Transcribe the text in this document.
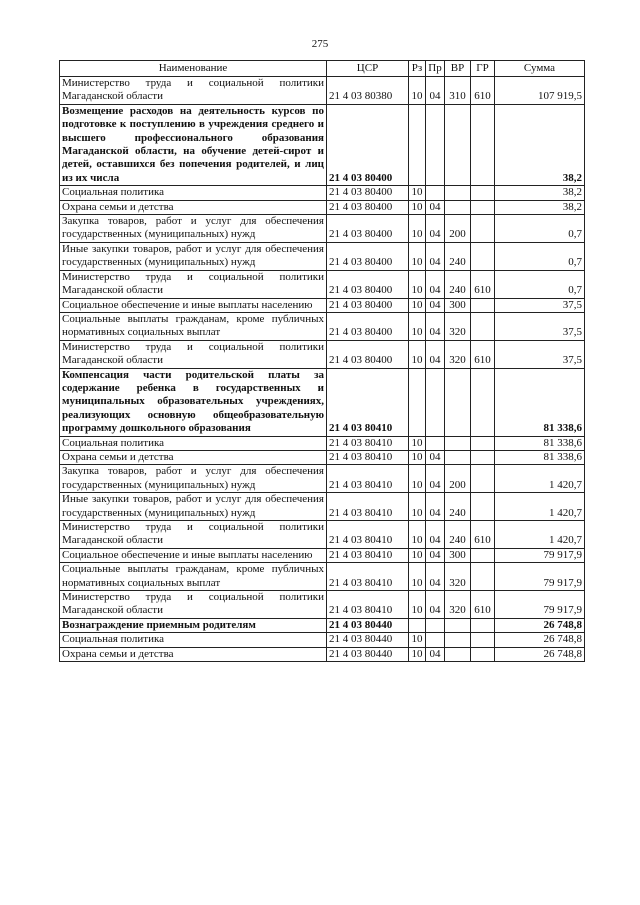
275
Наименование	ЦСР	Рз	Пр	ВР	ГР	Сумма
Министерство труда и социальной политики Магаданской области	21 4 03 80380	10	04	310	610	107 919,5
Возмещение расходов на деятельность курсов по подготовке к поступлению в учреждения среднего и высшего профессионального образования Магаданской области, на обучение детей-сирот и детей, оставшихся без попечения родителей, и лиц из их числа	21 4 03 80400					38,2
Социальная политика	21 4 03 80400	10				38,2
Охрана семьи и детства	21 4 03 80400	10	04			38,2
Закупка товаров, работ и услуг для обеспечения государственных (муниципальных) нужд	21 4 03 80400	10	04	200		0,7
Иные закупки товаров, работ и услуг для обеспечения государственных (муниципальных) нужд	21 4 03 80400	10	04	240		0,7
Министерство труда и социальной политики Магаданской области	21 4 03 80400	10	04	240	610	0,7
Социальное обеспечение и иные выплаты населению	21 4 03 80400	10	04	300		37,5
Социальные выплаты гражданам, кроме публичных нормативных социальных выплат	21 4 03 80400	10	04	320		37,5
Министерство труда и социальной политики Магаданской области	21 4 03 80400	10	04	320	610	37,5
Компенсация части родительской платы за содержание ребенка в государственных и муниципальных образовательных учреждениях, реализующих основную общеобразовательную программу дошкольного образования	21 4 03 80410					81 338,6
Социальная политика	21 4 03 80410	10				81 338,6
Охрана семьи и детства	21 4 03 80410	10	04			81 338,6
Закупка товаров, работ и услуг для обеспечения государственных (муниципальных) нужд	21 4 03 80410	10	04	200		1 420,7
Иные закупки товаров, работ и услуг для обеспечения государственных (муниципальных) нужд	21 4 03 80410	10	04	240		1 420,7
Министерство труда и социальной политики Магаданской области	21 4 03 80410	10	04	240	610	1 420,7
Социальное обеспечение и иные выплаты населению	21 4 03 80410	10	04	300		79 917,9
Социальные выплаты гражданам, кроме публичных нормативных социальных выплат	21 4 03 80410	10	04	320		79 917,9
Министерство труда и социальной политики Магаданской области	21 4 03 80410	10	04	320	610	79 917,9
Вознаграждение приемным родителям	21 4 03 80440					26 748,8
Социальная политика	21 4 03 80440	10				26 748,8
Охрана семьи и детства	21 4 03 80440	10	04			26 748,8
